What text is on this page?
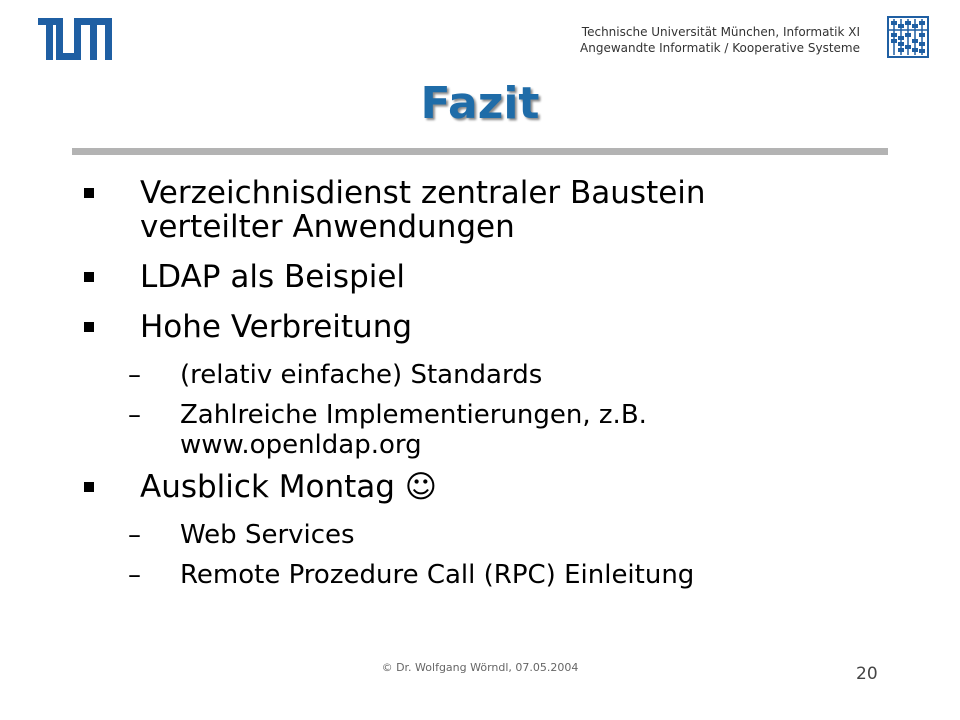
Technische Universität München, Informatik XI
Angewandte Informatik / Kooperative Systeme
Fazit
Verzeichnisdienst zentraler Baustein verteilter Anwendungen
LDAP als Beispiel
Hohe Verbreitung
– (relativ einfache) Standards
– Zahlreiche Implementierungen, z.B. www.openldap.org
Ausblick Montag ☺
– Web Services
– Remote Prozedure Call (RPC) Einleitung
© Dr. Wolfgang Wörndl, 07.05.2004	20
